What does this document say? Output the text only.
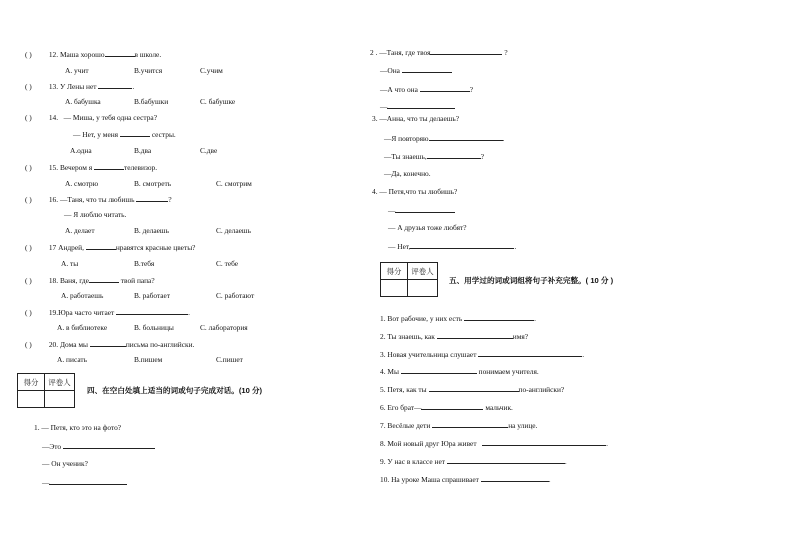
( ) 12. Маша хорошо	в школе.
А. учит	В.учится	С.учим
( ) 13. У Лены нет	.
А. бабушка	В.бабушки	С. бабушке
( ) 14. — Миша, у тебя одна сестра?
— Нет, у меня	сестры.
А.одна	В.два	С.две
( ) 15. Вечером я	телевизор.
А. смотрю	В. смотреть	С. смотрим
( ) 16. —Таня, что ты любишь	?
— Я люблю читать.
А. делает	В. делаешь	С. делаешь
( ) 17 Андрей,	нравятся красные цветы?
А. ты	В.тебя	С. тебе
( ) 18. Ваня, где	твой папа?
А. работаешь	В. работает	С. работают
( ) 19.Юра часто читает	.
А. в библиотеке	В. больницы	С. лаборатория
( ) 20. Дома мы	письма по-английски.
А. писать	В.пишем	С.пишет
得分	评卷人

四、在空白处填上适当的词或句子完成对话。(10 分)
1. — Петя, кто это на фото?
—Это
— Он ученик?
—
2 . —Таня, где твоя	?
—Она
—А что она	?
—
3. —Анна, что ты делаешь?
—Я повторяю	.
—Ты знаешь,	?
—Да, конечно.
4. — Петя,что ты любишь?
—
— А друзья тоже любят?
— Нет,	.
得分	评卷人

五、用学过的词或词组将句子补充完整。( 10 分 )
1. Вот рабочие, у них есть	.
2. Ты знаешь, как	имя?
3. Новая учительница слушает	.
4. Мы	понимаем учителя.
5. Петя, как ты	по-английски?
6. Его брат—	мальчик.
7. Весёлые дети	на улице.
8. Мой новый друг Юра живет	.
9. У нас в классе нет	.
10. На уроке Маша спрашивает	.
